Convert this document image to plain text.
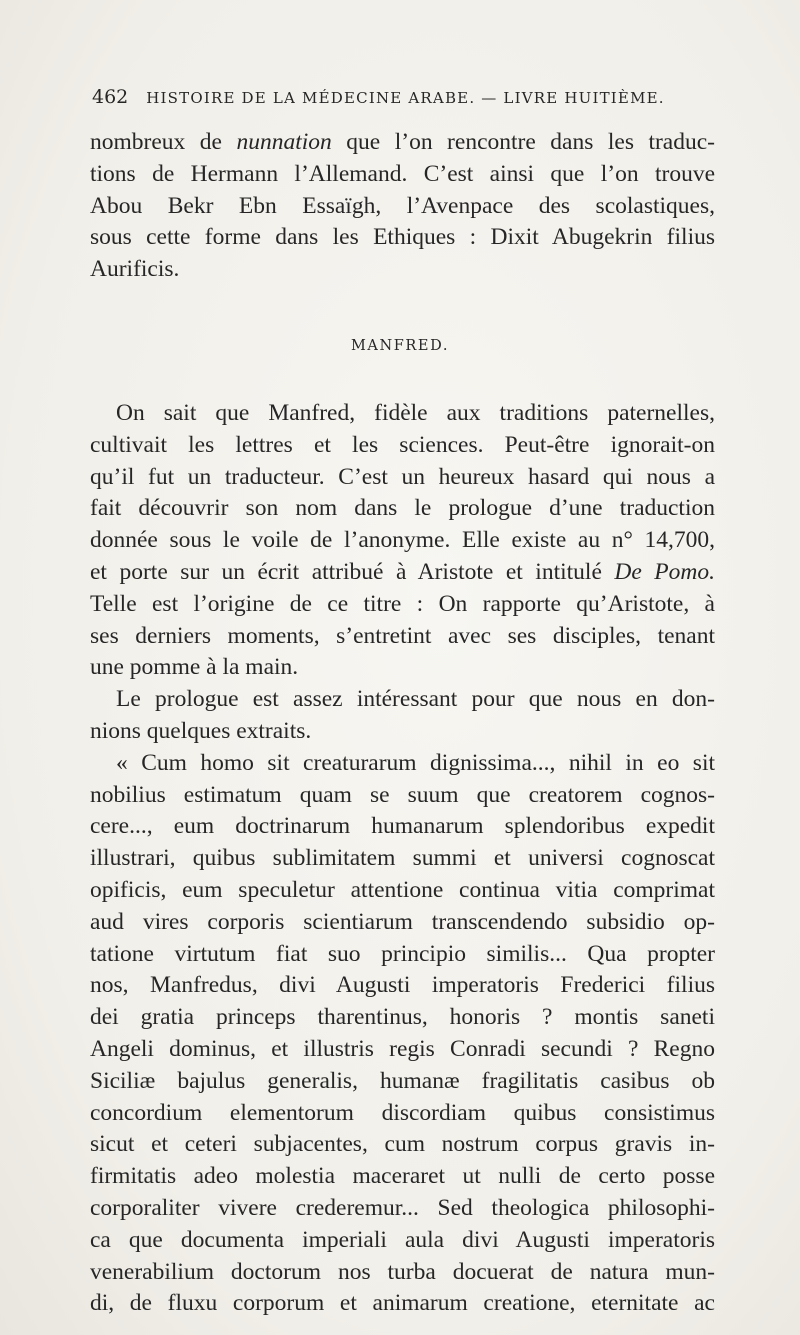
462 HISTOIRE DE LA MÉDECINE ARABE. — LIVRE HUITIÈME.
nombreux de nunnation que l’on rencontre dans les traduc-
tions de Hermann l’Allemand. C’est ainsi que l’on trouve
Abou Bekr Ebn Essaïgh, l’Avenpace des scolastiques,
sous cette forme dans les Ethiques : Dixit Abugekrin filius
Aurificis.
MANFRED.
On sait que Manfred, fidèle aux traditions paternelles,
cultivait les lettres et les sciences. Peut-être ignorait-on
qu’il fut un traducteur. C’est un heureux hasard qui nous a
fait découvrir son nom dans le prologue d’une traduction
donnée sous le voile de l’anonyme. Elle existe au n° 14,700,
et porte sur un écrit attribué à Aristote et intitulé De Pomo.
Telle est l’origine de ce titre : On rapporte qu’Aristote, à
ses derniers moments, s’entretint avec ses disciples, tenant
une pomme à la main.
Le prologue est assez intéressant pour que nous en don-
nions quelques extraits.
« Cum homo sit creaturarum dignissima..., nihil in eo sit
nobilius estimatum quam se suum que creatorem cognos-
cere..., eum doctrinarum humanarum splendoribus expedit
illustrari, quibus sublimitatem summi et universi cognoscat
opificis, eum speculetur attentione continua vitia comprimat
aud vires corporis scientiarum transcendendo subsidio op-
tatione virtutum fiat suo principio similis... Qua propter
nos, Manfredus, divi Augusti imperatoris Frederici filius
dei gratia princeps tharentinus, honoris ? montis saneti
Angeli dominus, et illustris regis Conradi secundi ? Regno
Siciliæ bajulus generalis, humanæ fragilitatis casibus ob
concordium elementorum discordiam quibus consistimus
sicut et ceteri subjacentes, cum nostrum corpus gravis in-
firmitatis adeo molestia maceraret ut nulli de certo posse
corporaliter vivere crederemur... Sed theologica philosophi-
ca que documenta imperiali aula divi Augusti imperatoris
venerabilium doctorum nos turba docuerat de natura mun-
di, de fluxu corporum et animarum creatione, eternitate ac
